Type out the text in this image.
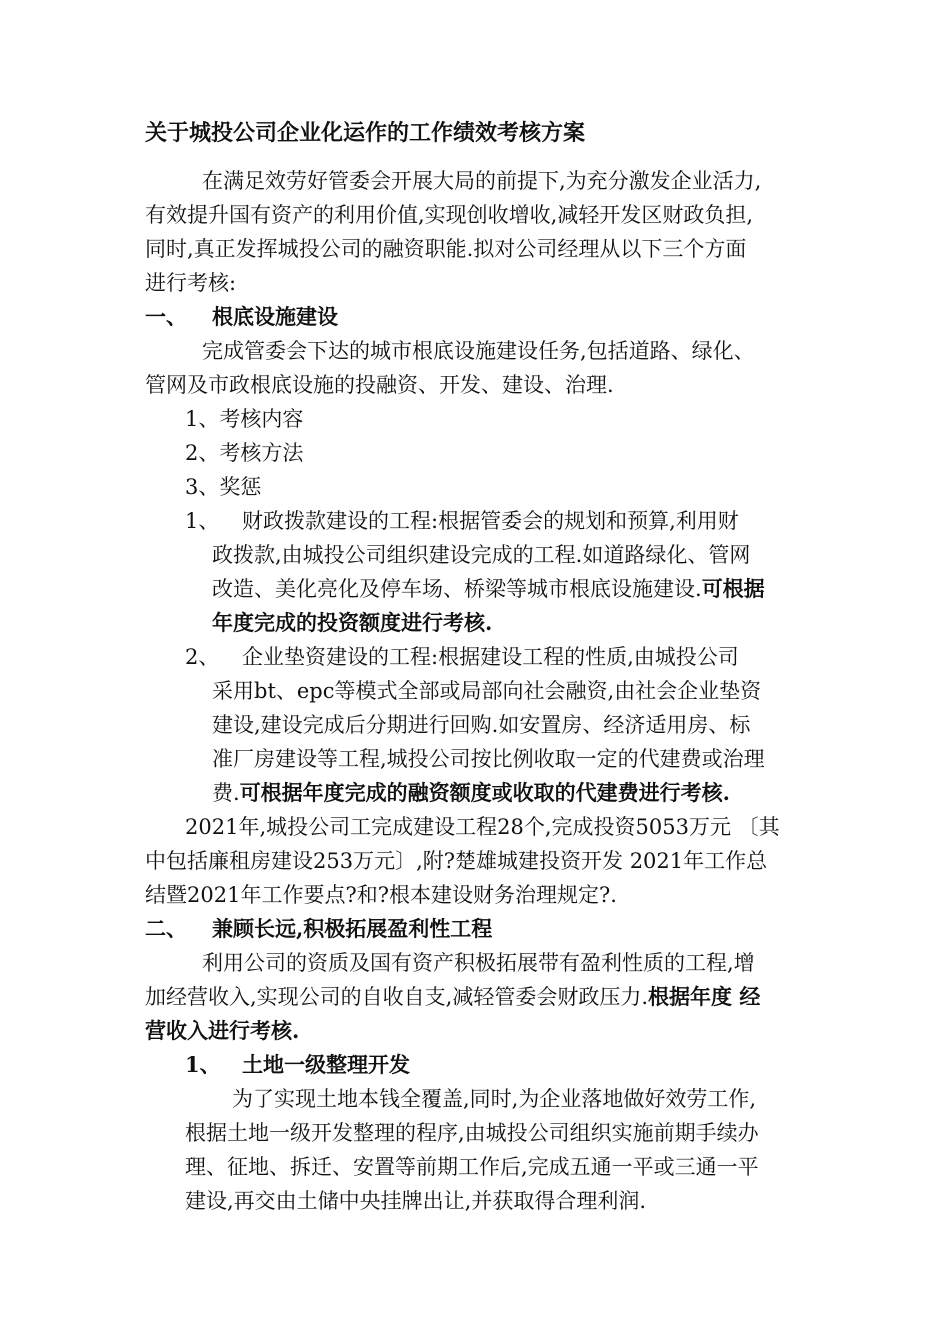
关于城投公司企业化运作的工作绩效考核方案
在满足效劳好管委会开展大局的前提下,为充分激发企业活力,
有效提升国有资产的利用价值,实现创收增收,减轻开发区财政负担,
同时,真正发挥城投公司的融资职能.拟对公司经理从以下三个方面
进行考核:
一、 根底设施建设
完成管委会下达的城市根底设施建设任务,包括道路、绿化、
管网及市政根底设施的投融资、开发、建设、治理.
1、考核内容
2、考核方法
3、奖惩
1、 财政拨款建设的工程:根据管委会的规划和预算,利用财
政拨款,由城投公司组织建设完成的工程.如道路绿化、管网
改造、美化亮化及停车场、桥梁等城市根底设施建设.可根据
年度完成的投资额度进行考核.
2、 企业垫资建设的工程:根据建设工程的性质,由城投公司
采用bt、epc等模式全部或局部向社会融资,由社会企业垫资
建设,建设完成后分期进行回购.如安置房、经济适用房、标
准厂房建设等工程,城投公司按比例收取一定的代建费或治理
费.可根据年度完成的融资额度或收取的代建费进行考核.
2021年,城投公司工完成建设工程28个,完成投资5053万元 〔其
中包括廉租房建设253万元〕,附?楚雄城建投资开发 2021年工作总
结暨2021年工作要点?和?根本建设财务治理规定?.
二、 兼顾长远,积极拓展盈利性工程
利用公司的资质及国有资产积极拓展带有盈利性质的工程,增
加经营收入,实现公司的自收自支,减轻管委会财政压力.根据年度 经
营收入进行考核.
1、 土地一级整理开发
为了实现土地本钱全覆盖,同时,为企业落地做好效劳工作,
根据土地一级开发整理的程序,由城投公司组织实施前期手续办
理、征地、拆迁、安置等前期工作后,完成五通一平或三通一平
建设,再交由土储中央挂牌出让,并获取得合理利润.
